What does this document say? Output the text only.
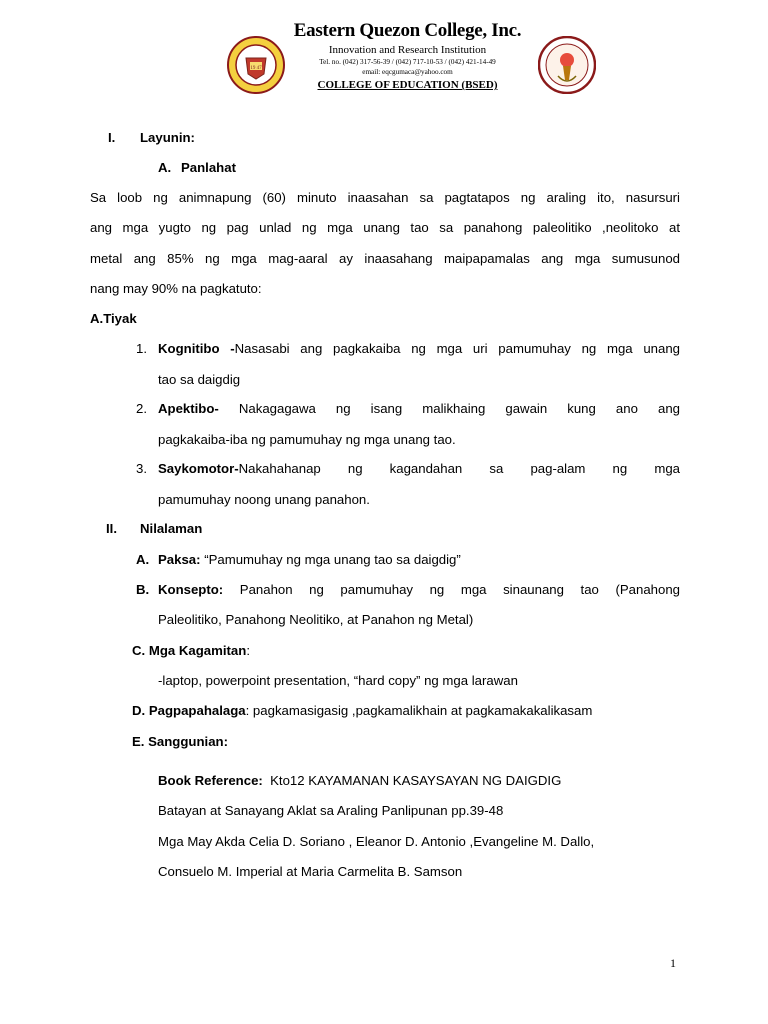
19 47
Eastern Quezon College, Inc.
Innovation and Research Institution
Tel. no. (042) 317-56-39 / (042) 717-10-53 / (042) 421-14-49
email: eqcgumaca@yahoo.com
COLLEGE OF EDUCATION (BSED)
I. Layunin:
A. Panlahat
Sa loob ng animnapung (60) minuto inaasahan sa pagtatapos ng araling ito, nasursuri
ang mga yugto ng pag unlad ng mga unang tao sa panahong paleolitiko ,neolitoko at
metal ang 85% ng mga mag-aaral ay inaasahang maipapamalas ang mga sumusunod
nang may 90% na pagkatuto:
A.Tiyak
1. Kognitibo -Nasasabi ang pagkakaiba ng mga uri pamumuhay ng mga unang
tao sa daigdig
2. Apektibo- Nakagagawa ng isang malikhaing gawain kung ano ang
pagkakaiba-iba ng pamumuhay ng mga unang tao.
3. Saykomotor-Nakahahanap ng kagandahan sa pag-alam ng mga
pamumuhay noong unang panahon.
II. Nilalaman
A. Paksa: “Pamumuhay ng mga unang tao sa daigdig”
B. Konsepto: Panahon ng pamumuhay ng mga sinaunang tao (Panahong
Paleolitiko, Panahong Neolitiko, at Panahon ng Metal)
C. Mga Kagamitan:
-laptop, powerpoint presentation, “hard copy” ng mga larawan
D. Pagpapahalaga: pagkamasigasig ,pagkamalikhain at pagkamakakalikasam
E. Sanggunian:
Book Reference:  Kto12 KAYAMANAN KASAYSAYAN NG DAIGDIG
Batayan at Sanayang Aklat sa Araling Panlipunan pp.39-48
Mga May Akda Celia D. Soriano , Eleanor D. Antonio ,Evangeline M. Dallo,
Consuelo M. Imperial at Maria Carmelita B. Samson
1
